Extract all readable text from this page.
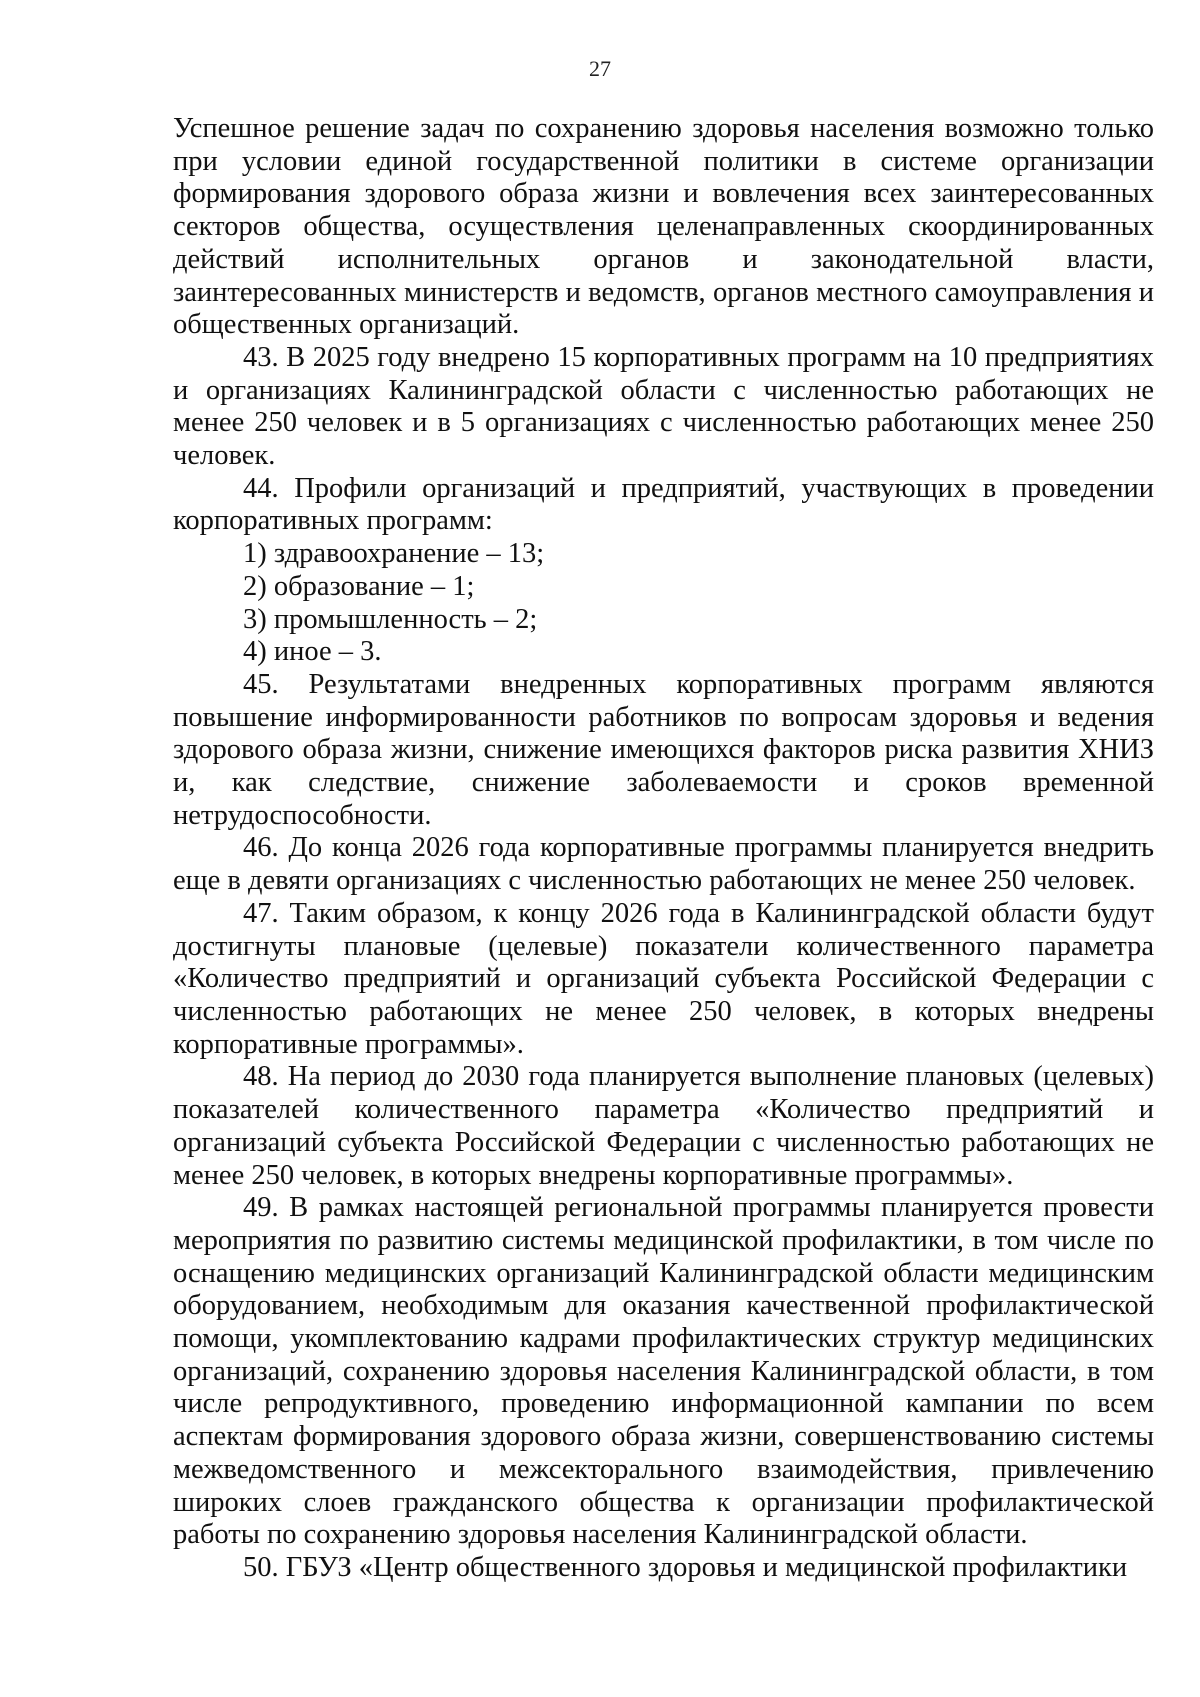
27

Успешное решение задач по сохранению здоровья населения возможно только при условии единой государственной политики в системе организации формирования здорового образа жизни и вовлечения всех заинтересованных секторов общества, осуществления целенаправленных скоординированных действий исполнительных органов и законодательной власти, заинтересованных министерств и ведомств, органов местного самоуправления и общественных организаций.

43. В 2025 году внедрено 15 корпоративных программ на 10 предприятиях и организациях Калининградской области с численностью работающих не менее 250 человек и в 5 организациях с численностью работающих менее 250 человек.

44. Профили организаций и предприятий, участвующих в проведении корпоративных программ:

1) здравоохранение – 13;

2) образование – 1;

3) промышленность – 2;

4) иное – 3.

45. Результатами внедренных корпоративных программ являются повышение информированности работников по вопросам здоровья и ведения здорового образа жизни, снижение имеющихся факторов риска развития ХНИЗ и, как следствие, снижение заболеваемости и сроков временной нетрудоспособности.

46. До конца 2026 года корпоративные программы планируется внедрить еще в девяти организациях с численностью работающих не менее 250 человек.

47. Таким образом, к концу 2026 года в Калининградской области будут достигнуты плановые (целевые) показатели количественного параметра «Количество предприятий и организаций субъекта Российской Федерации с численностью работающих не менее 250 человек, в которых внедрены корпоративные программы».

48. На период до 2030 года планируется выполнение плановых (целевых) показателей количественного параметра «Количество предприятий и организаций субъекта Российской Федерации с численностью работающих не менее 250 человек, в которых внедрены корпоративные программы».

49. В рамках настоящей региональной программы планируется провести мероприятия по развитию системы медицинской профилактики, в том числе по оснащению медицинских организаций Калининградской области медицинским оборудованием, необходимым для оказания качественной профилактической помощи, укомплектованию кадрами профилактических структур медицинских организаций, сохранению здоровья населения Калининградской области, в том числе репродуктивного, проведению информационной кампании по всем аспектам формирования здорового образа жизни, совершенствованию системы межведомственного и межсекторального взаимодействия, привлечению широких слоев гражданского общества к организации профилактической работы по сохранению здоровья населения Калининградской области.

50. ГБУЗ «Центр общественного здоровья и медицинской профилактики
